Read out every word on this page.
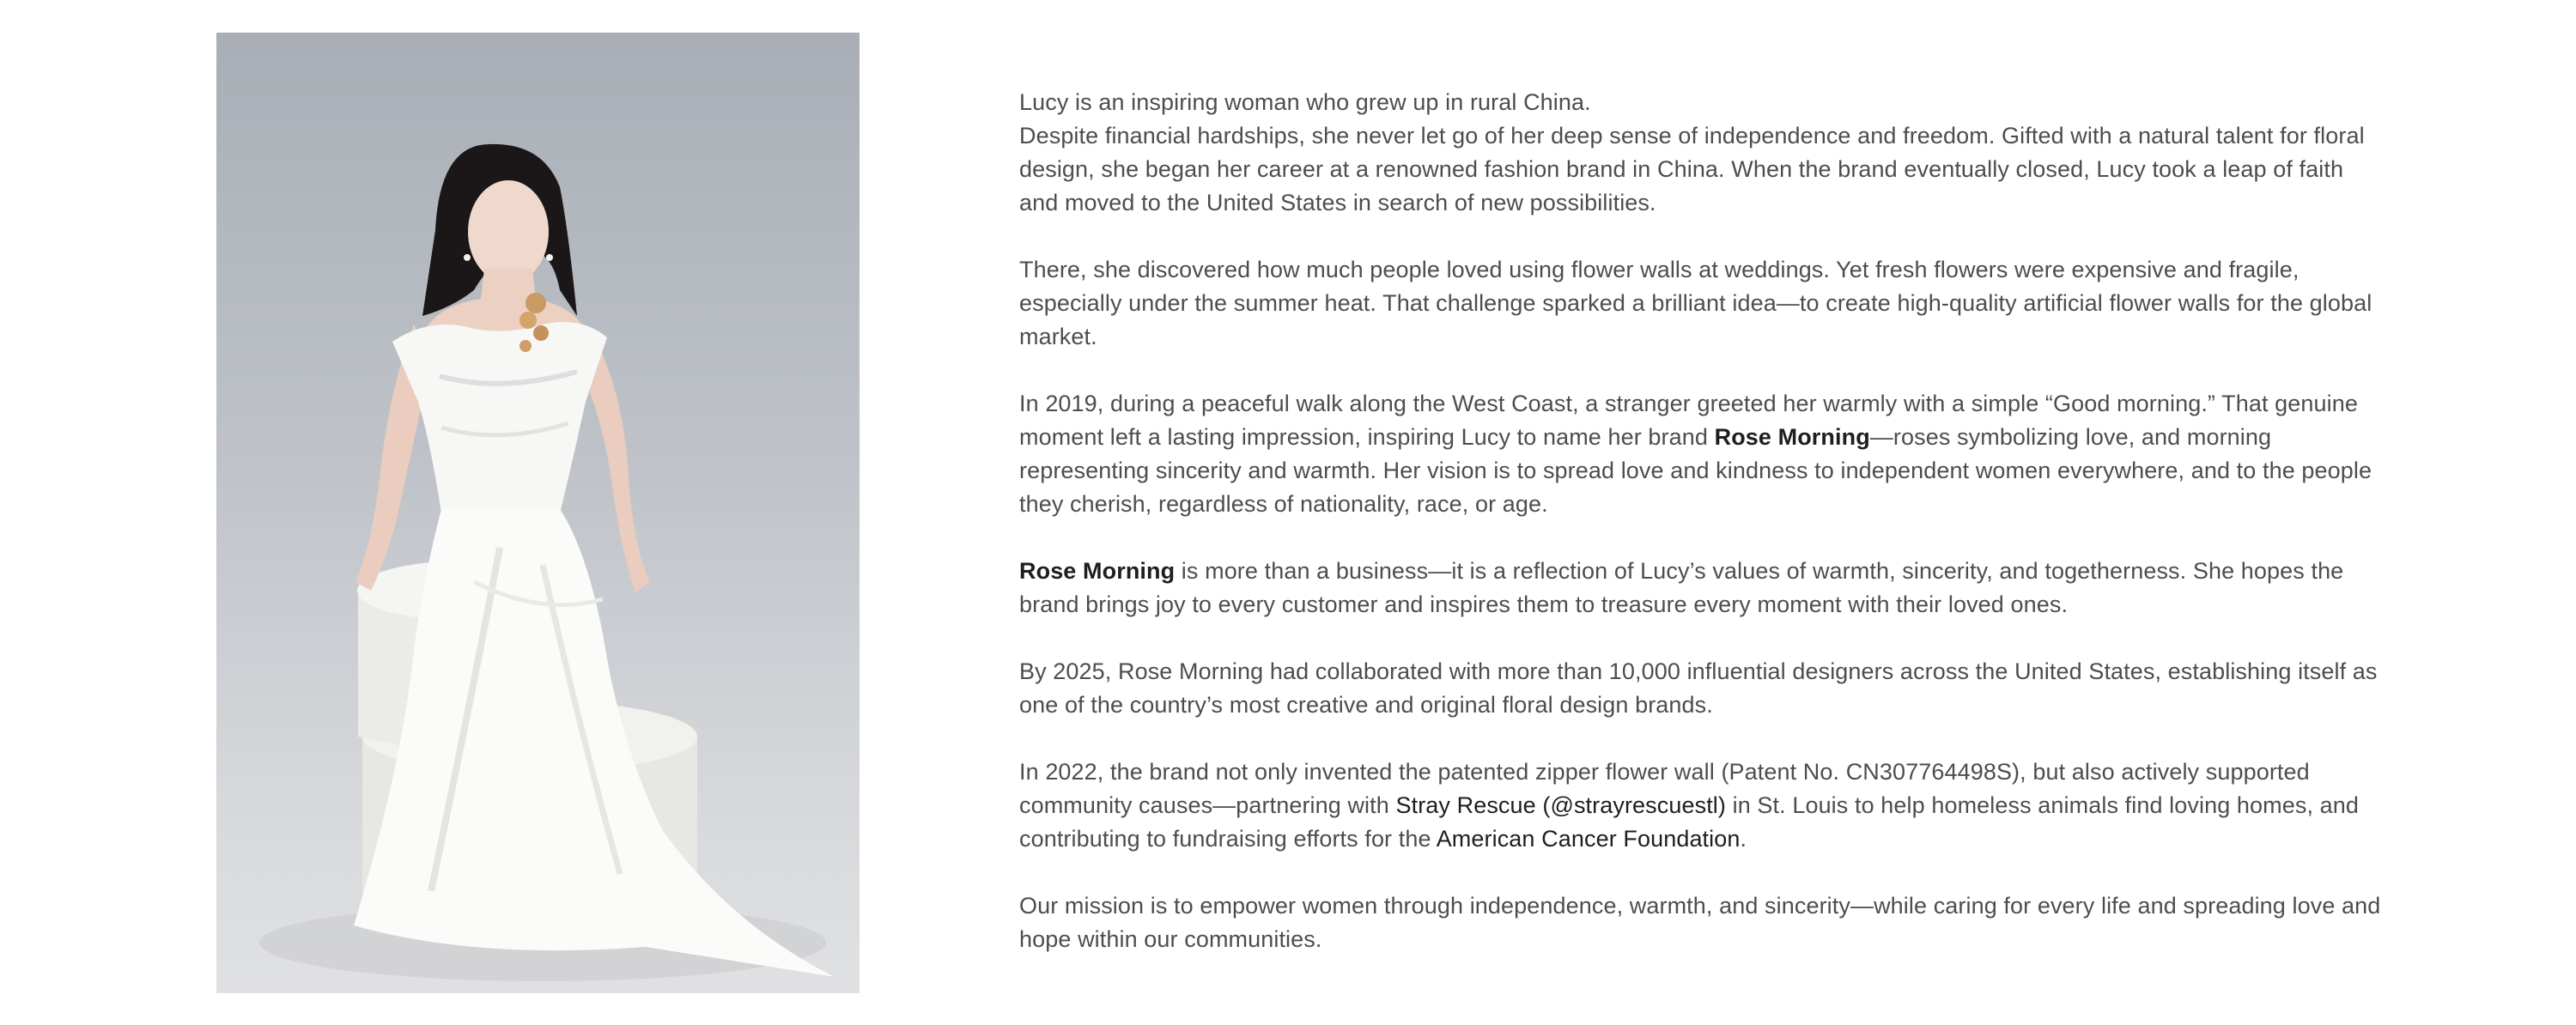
Lucy is an inspiring woman who grew up in rural China.
Despite financial hardships, she never let go of her deep sense of independence and freedom. Gifted with a natural talent for floral design, she began her career at a renowned fashion brand in China. When the brand eventually closed, Lucy took a leap of faith and moved to the United States in search of new possibilities.

There, she discovered how much people loved using flower walls at weddings. Yet fresh flowers were expensive and fragile, especially under the summer heat. That challenge sparked a brilliant idea—to create high-quality artificial flower walls for the global market.

In 2019, during a peaceful walk along the West Coast, a stranger greeted her warmly with a simple “Good morning.” That genuine moment left a lasting impression, inspiring Lucy to name her brand Rose Morning—roses symbolizing love, and morning representing sincerity and warmth. Her vision is to spread love and kindness to independent women everywhere, and to the people they cherish, regardless of nationality, race, or age.

Rose Morning is more than a business—it is a reflection of Lucy’s values of warmth, sincerity, and togetherness. She hopes the brand brings joy to every customer and inspires them to treasure every moment with their loved ones.

By 2025, Rose Morning had collaborated with more than 10,000 influential designers across the United States, establishing itself as one of the country’s most creative and original floral design brands.

In 2022, the brand not only invented the patented zipper flower wall (Patent No. CN307764498S), but also actively supported community causes—partnering with Stray Rescue (@strayrescuestl) in St. Louis to help homeless animals find loving homes, and contributing to fundraising efforts for the American Cancer Foundation.

Our mission is to empower women through independence, warmth, and sincerity—while caring for every life and spreading love and hope within our communities.
